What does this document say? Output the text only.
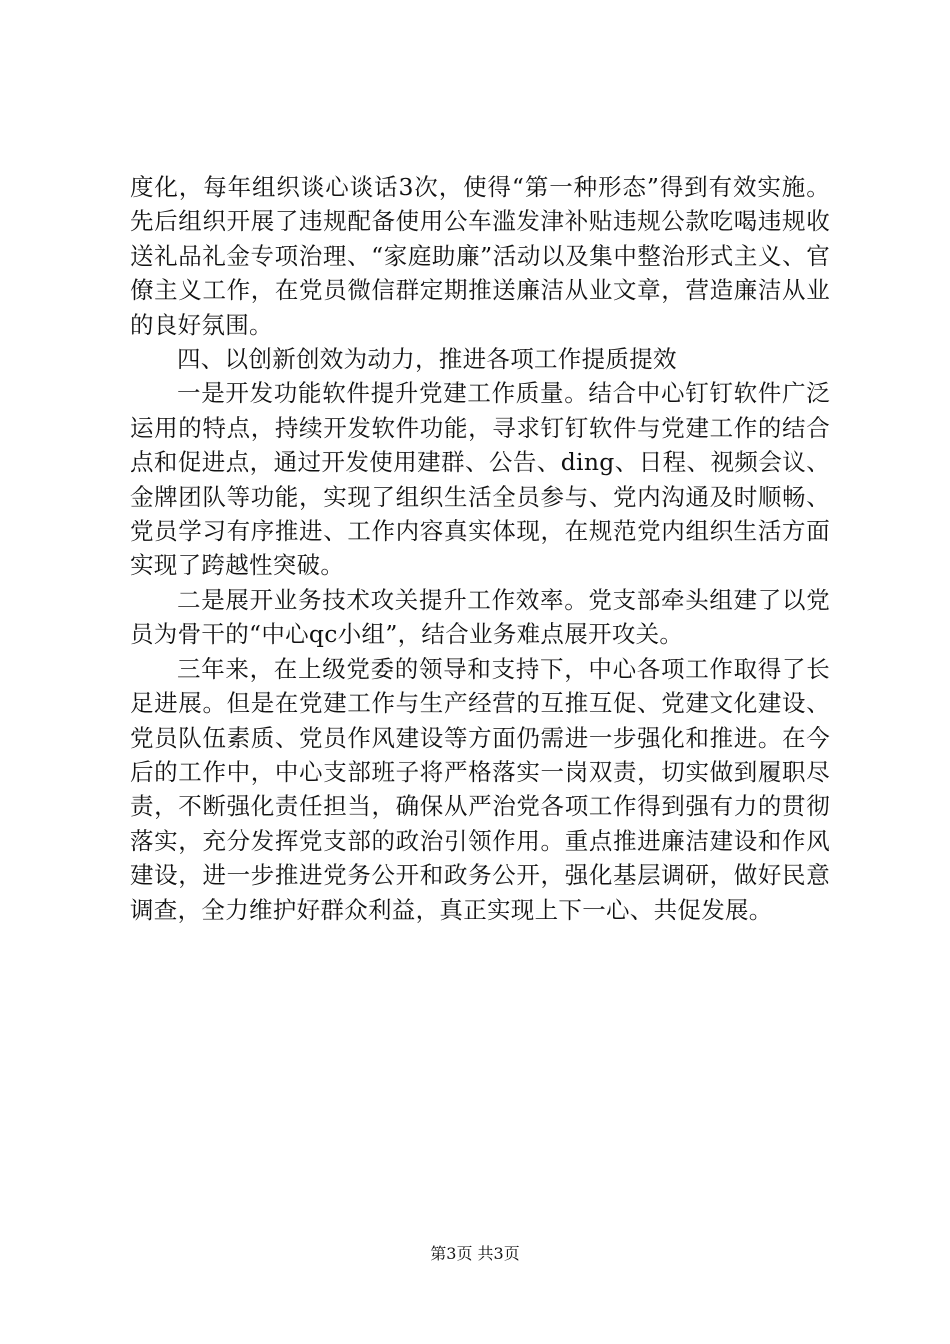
度化，每年组织谈心谈话3次，使得“第一种形态”得到有效实施。先后组织开展了违规配备使用公车滥发津补贴违规公款吃喝违规收送礼品礼金专项治理、“家庭助廉”活动以及集中整治形式主义、官僚主义工作，在党员微信群定期推送廉洁从业文章，营造廉洁从业的良好氛围。

四、以创新创效为动力，推进各项工作提质提效

一是开发功能软件提升党建工作质量。结合中心钉钉软件广泛运用的特点，持续开发软件功能，寻求钉钉软件与党建工作的结合点和促进点，通过开发使用建群、公告、ding、日程、视频会议、金牌团队等功能，实现了组织生活全员参与、党内沟通及时顺畅、党员学习有序推进、工作内容真实体现，在规范党内组织生活方面实现了跨越性突破。

二是展开业务技术攻关提升工作效率。党支部牵头组建了以党员为骨干的“中心qc小组”，结合业务难点展开攻关。

三年来，在上级党委的领导和支持下，中心各项工作取得了长足进展。但是在党建工作与生产经营的互推互促、党建文化建设、党员队伍素质、党员作风建设等方面仍需进一步强化和推进。在今后的工作中，中心支部班子将严格落实一岗双责，切实做到履职尽责，不断强化责任担当，确保从严治党各项工作得到强有力的贯彻落实，充分发挥党支部的政治引领作用。重点推进廉洁建设和作风建设，进一步推进党务公开和政务公开，强化基层调研，做好民意调查，全力维护好群众利益，真正实现上下一心、共促发展。

第3页 共3页
